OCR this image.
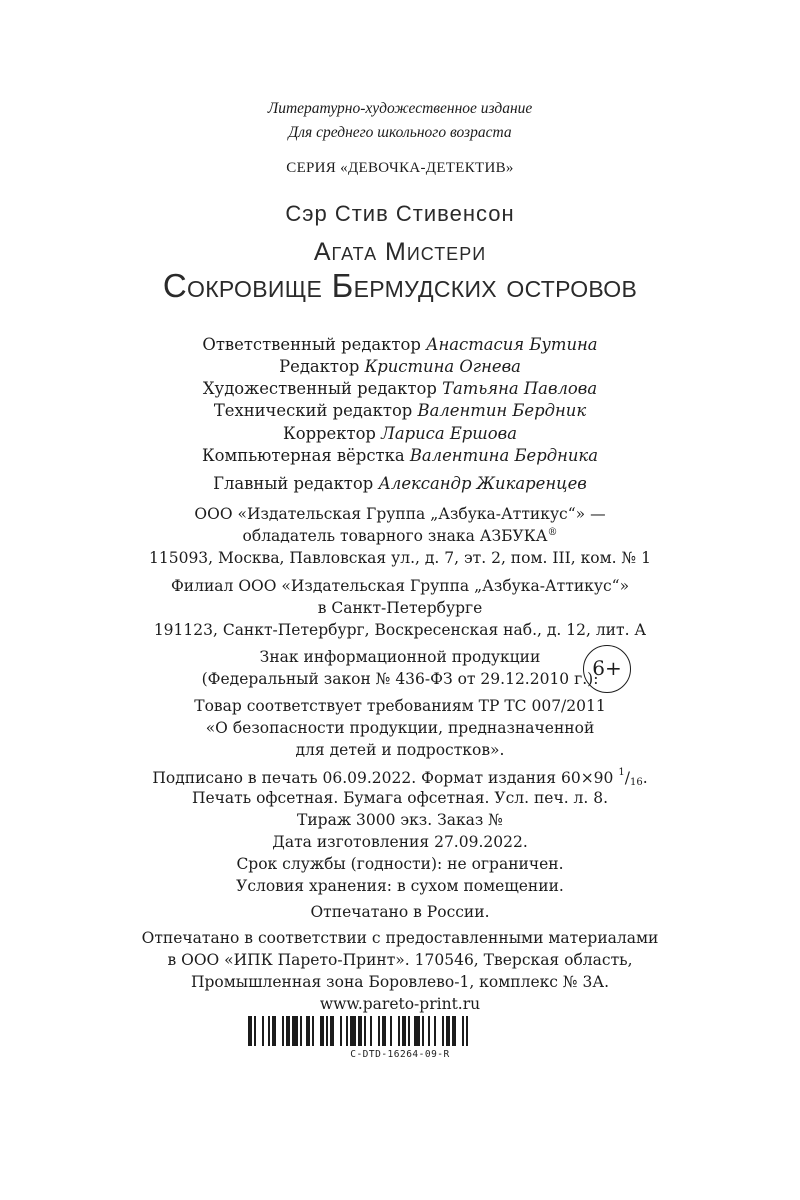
Литературно-художественное издание

Для среднего школьного возраста

СЕРИЯ «ДЕВОЧКА-ДЕТЕКТИВ»

Сэр Стив Стивенсон

Агата Мистери

Сокровище Бермудских островов

Ответственный редактор Анастасия Бутина

Редактор Кристина Огнева

Художественный редактор Татьяна Павлова

Технический редактор Валентин Бердник

Корректор Лариса Ершова

Компьютерная вёрстка Валентина Бердника

Главный редактор Александр Жикаренцев

ООО «Издательская Группа „Азбука-Аттикус“» —

обладатель товарного знака АЗБУКА®

115093, Москва, Павловская ул., д. 7, эт. 2, пом. III, ком. № 1

Филиал ООО «Издательская Группа „Азбука-Аттикус“»

в Санкт-Петербурге

191123, Санкт-Петербург, Воскресенская наб., д. 12, лит. А

Знак информационной продукции

(Федеральный закон № 436-ФЗ от 29.12.2010 г.):

6+

Товар соответствует требованиям ТР ТС 007/2011

«О безопасности продукции, предназначенной

для детей и подростков».

Подписано в печать 06.09.2022. Формат издания 60×90 $^1$/16.

Печать офсетная. Бумага офсетная. Усл. печ. л. 8.

Тираж 3000 экз. Заказ №

Дата изготовления 27.09.2022.

Срок службы (годности): не ограничен.

Условия хранения: в сухом помещении.

Отпечатано в России.

Отпечатано в соответствии с предоставленными материалами

в ООО «ИПК Парето-Принт». 170546, Тверская область,

Промышленная зона Боровлево-1, комплекс № 3А.

www.pareto-print.ru

С-DTD-16264-09-R
